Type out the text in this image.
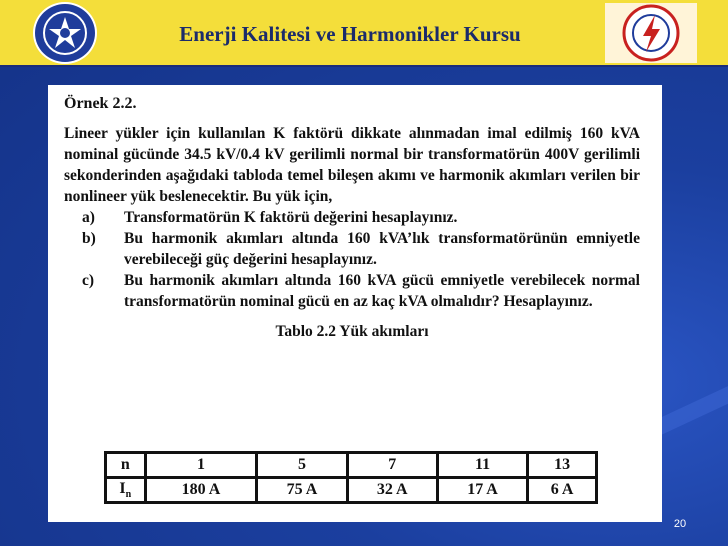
Enerji Kalitesi ve Harmonikler Kursu
Örnek 2.2.
Lineer yükler için kullanılan K faktörü dikkate alınmadan imal edilmiş 160 kVA nominal gücünde 34.5 kV/0.4 kV gerilimli normal bir transformatörün 400V gerilimli sekonderinden aşağıdaki tabloda temel bileşen akımı ve harmonik akımları verilen bir nonlineer yük beslenecektir. Bu yük için,
a)	Transformatörün K faktörü değerini hesaplayınız.
b)	Bu harmonik akımları altında 160 kVA’lık transformatörünün emniyetle verebileceği güç değerini hesaplayınız.
c)	Bu harmonik akımları altında 160 kVA gücü emniyetle verebilecek normal transformatörün nominal gücü en az kaç kVA olmalıdır? Hesaplayınız.
Tablo 2.2 Yük akımları
n	1	5	7	11	13
$I_n$	180 A	75 A	32 A	17 A	6 A
20
